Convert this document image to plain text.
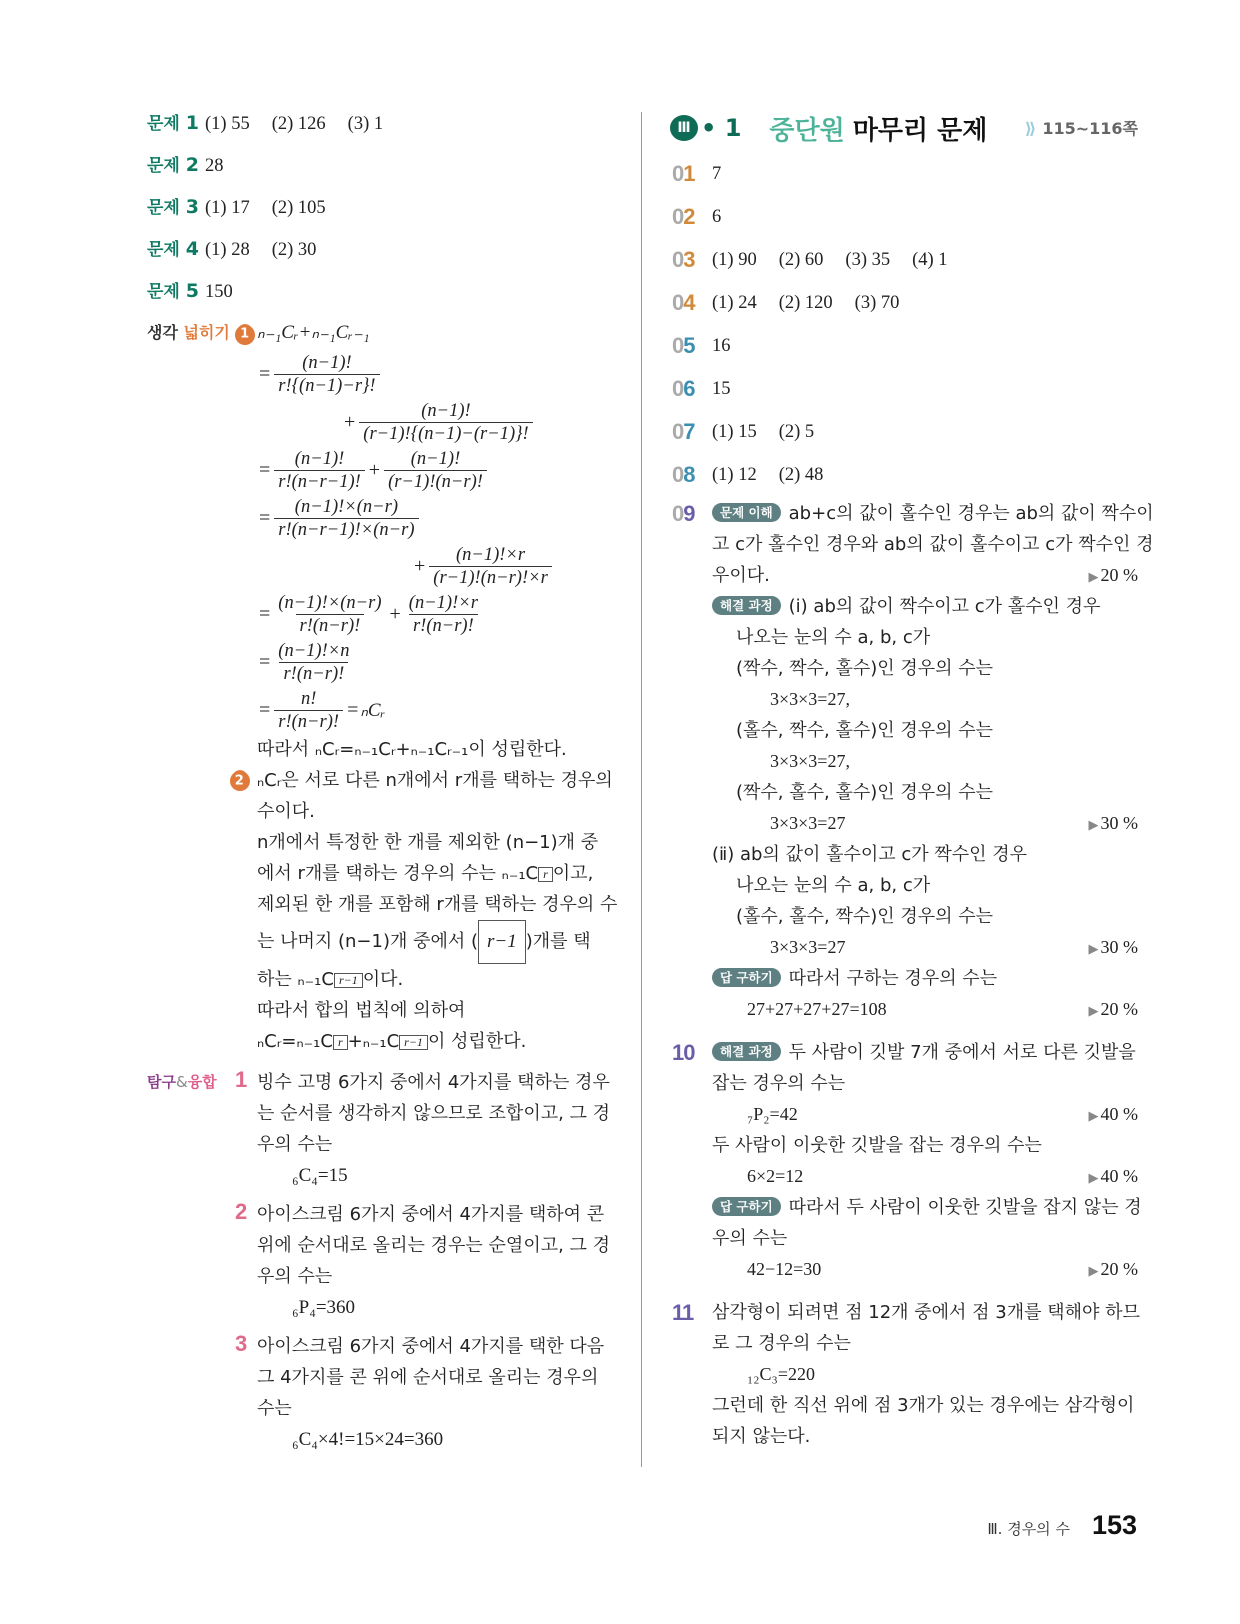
문제 1 (1) 55 (2) 126 (3) 1
문제 2 28
문제 3 (1) 17 (2) 105
문제 4 (1) 28 (2) 30
문제 5 150
생각 넓히기 1 ₙ₋₁Cᵣ+ₙ₋₁Cᵣ₋₁
= $\frac{(n-1)!}{r!\{(n-1)-r\}!}$
+ $\frac{(n-1)!}{(r-1)!\{(n-1)-(r-1)\}!}$
= $\frac{(n-1)!}{r!(n-r-1)!} + \frac{(n-1)!}{(r-1)!(n-r)!}$
= $\frac{(n-1)!\times(n-r)}{r!(n-r-1)!\times(n-r)}$
+ $\frac{(n-1)!\times r}{(r-1)!(n-r)!\times r}$
= $\frac{(n-1)!\times(n-r)}{r!(n-r)!} + \frac{(n-1)!\times r}{r!(n-r)!}$
= $\frac{(n-1)!\times n}{r!(n-r)!}$
= $\frac{n!}{r!(n-r)!}$ = ₙCᵣ
따라서 ₙCᵣ=ₙ₋₁Cᵣ+ₙ₋₁Cᵣ₋₁이 성립한다.
2 ₙCᵣ은 서로 다른 n개에서 r개를 택하는 경우의
수이다.
n개에서 특정한 한 개를 제외한 (n−1)개 중
에서 r개를 택하는 경우의 수는 ₙ₋₁C r 이고,
제외된 한 개를 포함해 r개를 택하는 경우의 수
는 나머지 (n−1)개 중에서 ( r−1 )개를 택
하는 ₙ₋₁C r−1 이다.
따라서 합의 법칙에 의하여
ₙCᵣ=ₙ₋₁C r +ₙ₋₁C r−1 이 성립한다.
탐구&융합 1 빙수 고명 6가지 중에서 4가지를 택하는 경우
는 순서를 생각하지 않으므로 조합이고, 그 경
우의 수는
₆C₄=15
2 아이스크림 6가지 중에서 4가지를 택하여 콘
위에 순서대로 올리는 경우는 순열이고, 그 경
우의 수는
₆P₄=360
3 아이스크림 6가지 중에서 4가지를 택한 다음
그 4가지를 콘 위에 순서대로 올리는 경우의
수는
₆C₄×4!=15×24=360
Ⅲ • 1 중단원 마무리 문제 ⟫ 115~116쪽
01 7
02 6
03 (1) 90 (2) 60 (3) 35 (4) 1
04 (1) 24 (2) 120 (3) 70
05 16
06 15
07 (1) 15 (2) 5
08 (1) 12 (2) 48
09	문제 이해 ab+c의 값이 홀수인 경우는 ab의 값이 짝수이
고 c가 홀수인 경우와 ab의 값이 홀수이고 c가 짝수인 경
우이다.	▶ 20 %
해결 과정 (ⅰ) ab의 값이 짝수이고 c가 홀수인 경우
나오는 눈의 수 a, b, c가
(짝수, 짝수, 홀수)인 경우의 수는
3×3×3=27,
(홀수, 짝수, 홀수)인 경우의 수는
3×3×3=27,
(짝수, 홀수, 홀수)인 경우의 수는
3×3×3=27	▶ 30 %
(ⅱ) ab의 값이 홀수이고 c가 짝수인 경우
나오는 눈의 수 a, b, c가
(홀수, 홀수, 짝수)인 경우의 수는
3×3×3=27	▶ 30 %
답 구하기 따라서 구하는 경우의 수는
27+27+27+27=108	▶ 20 %
10	해결 과정 두 사람이 깃발 7개 중에서 서로 다른 깃발을
잡는 경우의 수는
₇P₂=42	▶ 40 %
두 사람이 이웃한 깃발을 잡는 경우의 수는
6×2=12	▶ 40 %
답 구하기 따라서 두 사람이 이웃한 깃발을 잡지 않는 경
우의 수는
42−12=30	▶ 20 %
11	삼각형이 되려면 점 12개 중에서 점 3개를 택해야 하므
로 그 경우의 수는
₁₂C₃=220
그런데 한 직선 위에 점 3개가 있는 경우에는 삼각형이
되지 않는다.
Ⅲ. 경우의 수 153
